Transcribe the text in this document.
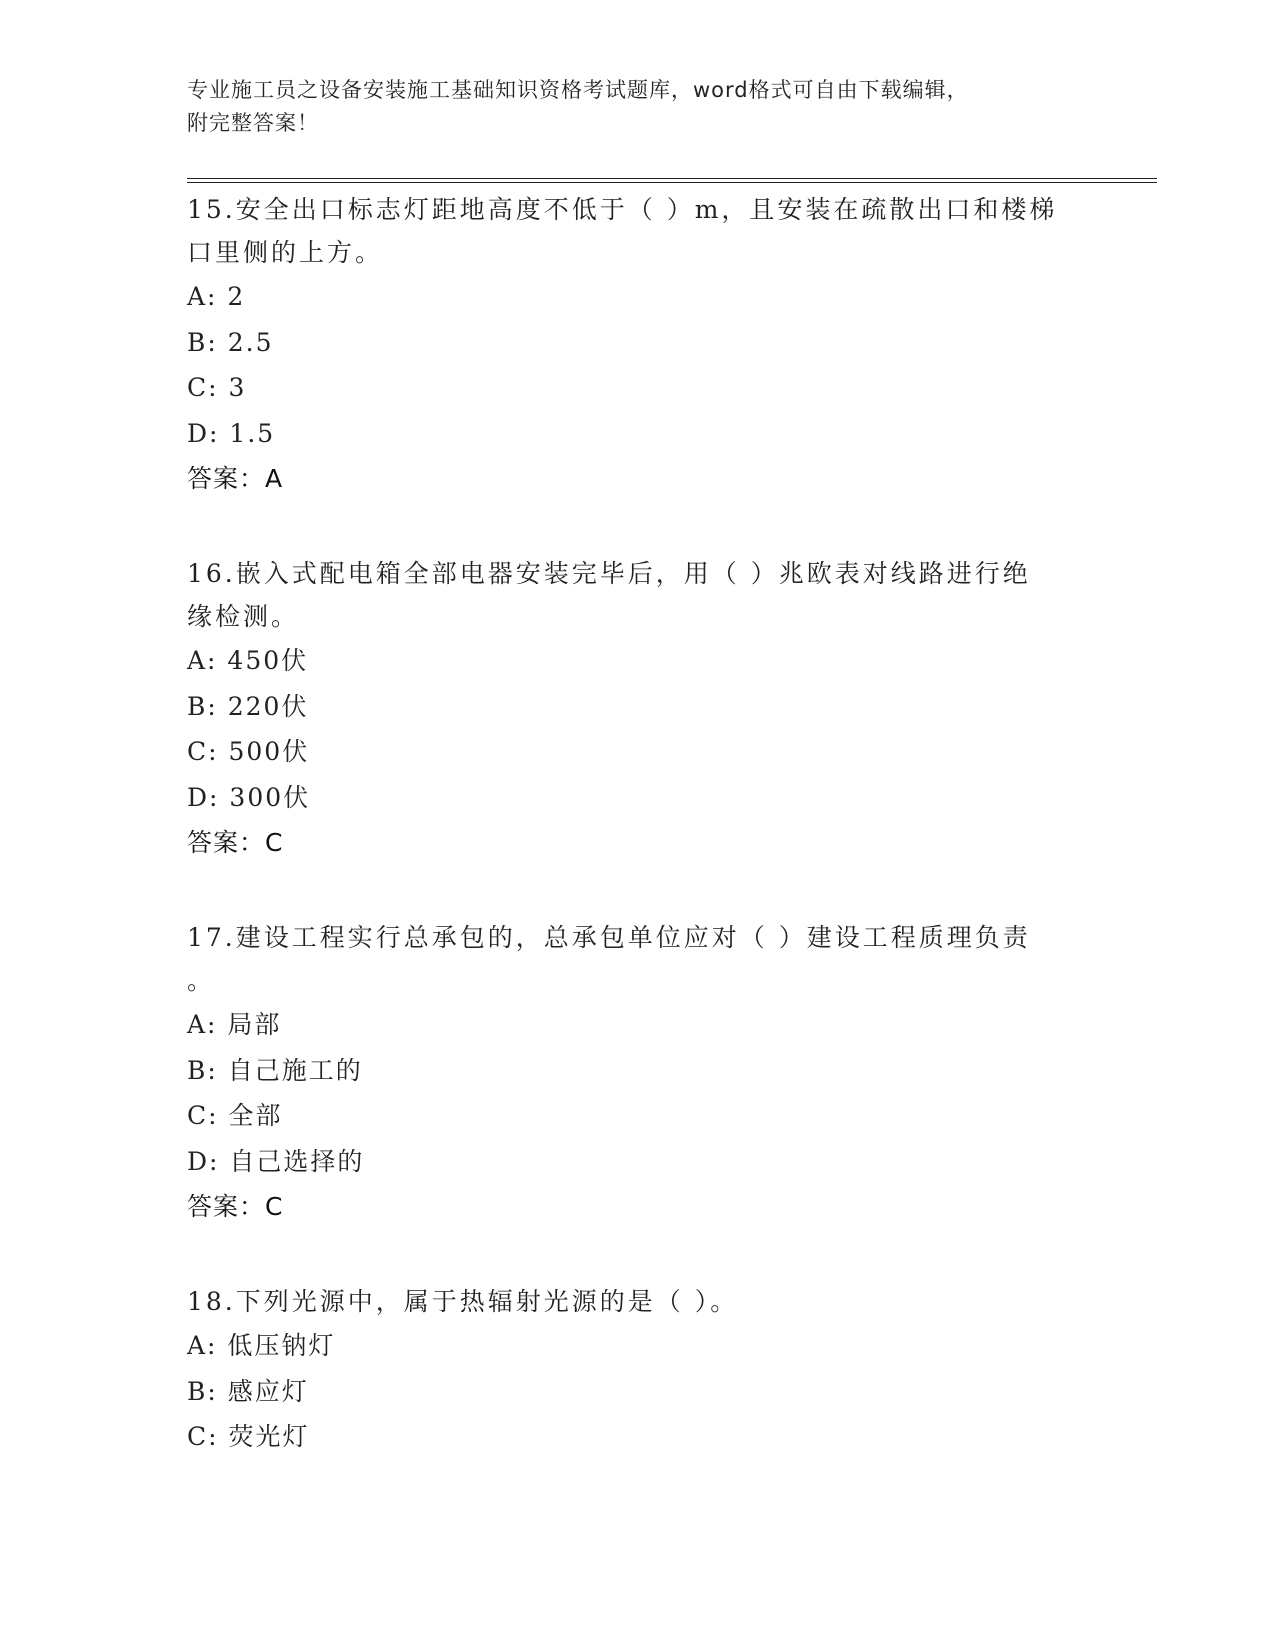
专业施工员之设备安装施工基础知识资格考试题库，word格式可自由下载编辑，
附完整答案！

15.安全出口标志灯距地高度不低于（ ）m，且安装在疏散出口和楼梯

口里侧的上方。

A: 2

B: 2.5

C: 3

D: 1.5

答案：A

16.嵌入式配电箱全部电器安装完毕后，用（ ）兆欧表对线路进行绝

缘检测。

A: 450伏

B: 220伏

C: 500伏

D: 300伏

答案：C

17.建设工程实行总承包的，总承包单位应对（ ）建设工程质理负责

。

A: 局部

B: 自己施工的

C: 全部

D: 自己选择的

答案：C

18.下列光源中，属于热辐射光源的是（ ）。

A: 低压钠灯

B: 感应灯

C: 荧光灯
